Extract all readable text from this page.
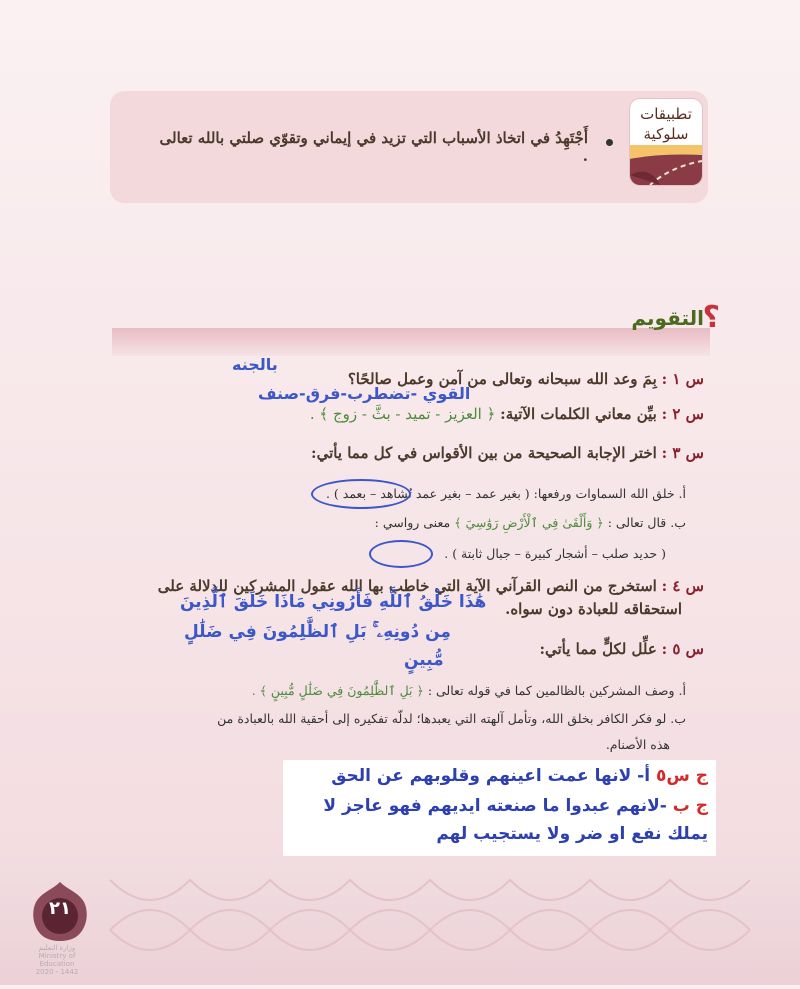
تطبيقات
سلوكية
أَجْتَهِدُ في اتخاذ الأسباب التي تزيد في إيماني وتقوّي صلتي بالله تعالى .
؟
التقويم
س ١ : بِمَ وعد الله سبحانه وتعالى من آمن وعمل صالحًا؟
بالجنه
القوي -تضطرب-فرق-صنف
س ٢ : بيِّن معاني الكلمات الآتية: ﴿ العزيز - تميد - بثَّ - زوج ﴾ .
س ٣ : اختر الإجابة الصحيحة من بين الأقواس في كل مما يأتي:
أ. خلق الله السماوات ورفعها: ( بغير عمد – بغير عمد تُشاهد – بعمد ) .
ب. قال تعالى : ﴿ وَأَلْقَىٰ فِي ٱلْأَرْضِ رَوَٰسِيَ ﴾ معنى رواسي :
( حديد صلب – أشجار كبيرة – جبال ثابتة ) .
س ٤ : استخرج من النص القرآني الآية التي خاطب بها الله عقول المشركين للدلالة على
استحقاقه للعبادة دون سواه.
هَٰذَا خَلْقُ ٱللَّهِ فَأَرُونِي مَاذَا خَلَقَ ٱلَّذِينَ
مِن دُونِهِۦ ۚ بَلِ ٱلظَّٰلِمُونَ فِي ضَلَٰلٍ
مُّبِينٍ
س ٥ : علِّل لكلٍّ مما يأتي:
أ. وصف المشركين بالظالمين كما في قوله تعالى : ﴿ بَلِ ٱلظَّٰلِمُونَ فِي ضَلَٰلٍ مُّبِينٍ ﴾ .
ب. لو فكر الكافر بخلق الله، وتأمل آلهته التي يعبدها؛ لدلّه تفكيره إلى أحقية الله بالعبادة من
هذه الأصنام.
ج س٥ أ- لانها عمت اعينهم وقلوبهم عن الحق
ج ب -لانهم عبدوا ما صنعته ايديهم فهو عاجز لا
يملك نفع او ضر ولا يستجيب لهم
٢١
وزارة التعليم
Ministry of Education
2020 - 1442
